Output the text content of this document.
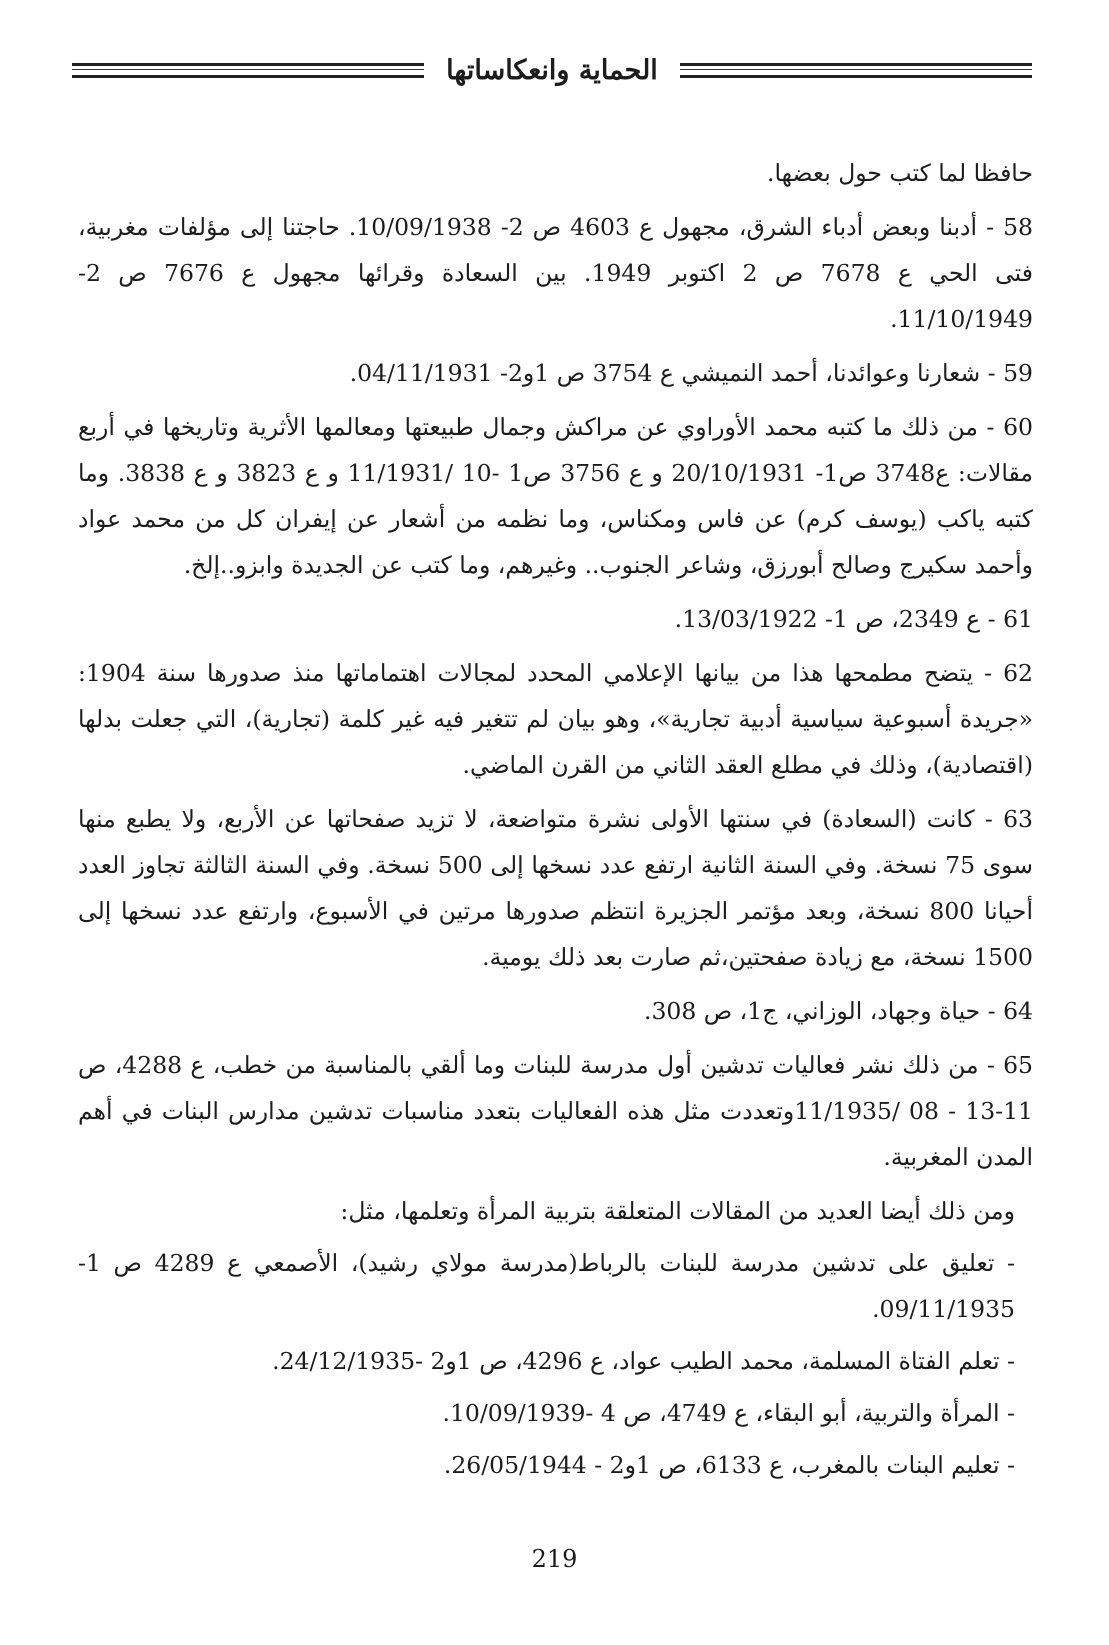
الحماية وانعكاساتها

حافظا لما كتب حول بعضها.

58 - أدبنا وبعض أدباء الشرق، مجهول ع 4603 ص 2- 10/09/1938. حاجتنا إلى مؤلفات مغربية، فتى الحي ع 7678 ص 2 اكتوبر 1949. بين السعادة وقرائها مجهول ع 7676 ص 2- 11/10/1949.

59 - شعارنا وعوائدنا، أحمد النميشي ع 3754 ص 1و2- 04/11/1931.

60 - من ذلك ما كتبه محمد الأوراوي عن مراكش وجمال طبيعتها ومعالمها الأثرية وتاريخها في أربع مقالات: ع3748 ص1- 20/10/1931 و ع 3756 ص1 -10 /11/1931 و ع 3823 و ع 3838. وما كتبه ياكب (يوسف كرم) عن فاس ومكناس، وما نظمه من أشعار عن إيفران كل من محمد عواد وأحمد سكيرج وصالح أبورزق، وشاعر الجنوب.. وغيرهم، وما كتب عن الجديدة وابزو..إلخ.

61 - ع 2349، ص 1- 13/03/1922.

62 - يتضح مطمحها هذا من بيانها الإعلامي المحدد لمجالات اهتماماتها منذ صدورها سنة 1904: «جريدة أسبوعية سياسية أدبية تجارية»، وهو بيان لم تتغير فيه غير كلمة (تجارية)، التي جعلت بدلها (اقتصادية)، وذلك في مطلع العقد الثاني من القرن الماضي.

63 - كانت (السعادة) في سنتها الأولى نشرة متواضعة، لا تزيد صفحاتها عن الأربع، ولا يطبع منها سوى 75 نسخة. وفي السنة الثانية ارتفع عدد نسخها إلى 500 نسخة. وفي السنة الثالثة تجاوز العدد أحيانا 800 نسخة، وبعد مؤتمر الجزيرة انتظم صدورها مرتين في الأسبوع، وارتفع عدد نسخها إلى 1500 نسخة، مع زيادة صفحتين،ثم صارت بعد ذلك يومية.

64 - حياة وجهاد، الوزاني، ج1، ص 308.

65 - من ذلك نشر فعاليات تدشين أول مدرسة للبنات وما ألقي بالمناسبة من خطب، ع 4288، ص 11-13 - 08 /11/1935وتعددت مثل هذه الفعاليات بتعدد مناسبات تدشين مدارس البنات في أهم المدن المغربية.

ومن ذلك أيضا العديد من المقالات المتعلقة بتربية المرأة وتعلمها، مثل:

- تعليق على تدشين مدرسة للبنات بالرباط(مدرسة مولاي رشيد)، الأصمعي ع 4289 ص 1-09/11/1935.

- تعلم الفتاة المسلمة، محمد الطيب عواد، ع 4296، ص 1و2 -24/12/1935.

- المرأة والتربية، أبو البقاء، ع 4749، ص 4 -10/09/1939.

- تعليم البنات بالمغرب، ع 6133، ص 1و2 - 26/05/1944.

219
